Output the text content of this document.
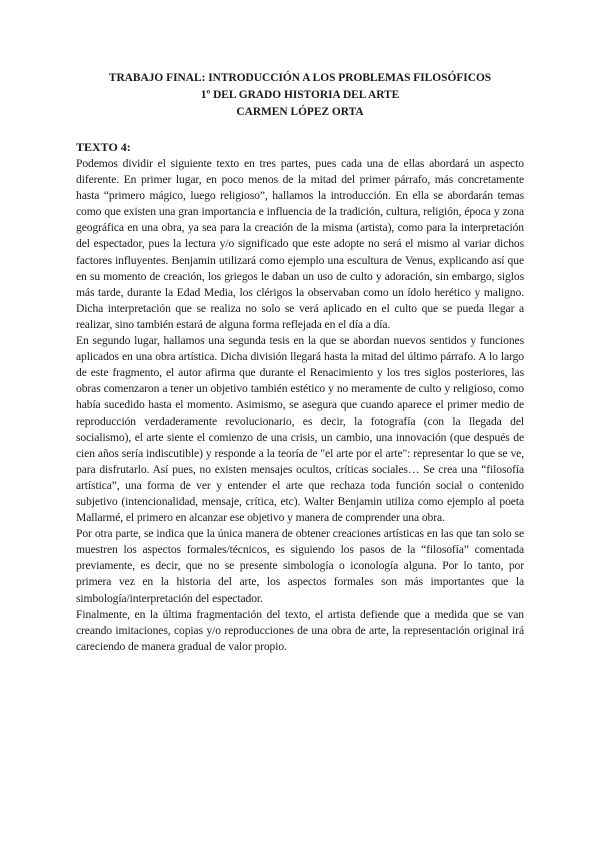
TRABAJO FINAL: INTRODUCCIÓN A LOS PROBLEMAS FILOSÓFICOS
1º DEL GRADO HISTORIA DEL ARTE
CARMEN LÓPEZ ORTA
TEXTO 4:

Podemos dividir el siguiente texto en tres partes, pues cada una de ellas abordará un aspecto diferente. En primer lugar, en poco menos de la mitad del primer párrafo, más concretamente hasta “primero mágico, luego religioso”, hallamos la introducción. En ella se abordarán temas como que existen una gran importancia e influencia de la tradición, cultura, religión, época y zona geográfica en una obra, ya sea para la creación de la misma (artista), como para la interpretación del espectador, pues la lectura y/o significado que este adopte no será el mismo al variar dichos factores influyentes. Benjamin utilizará como ejemplo una escultura de Venus, explicando así que en su momento de creación, los griegos le daban un uso de culto y adoración, sin embargo, siglos más tarde, durante la Edad Media, los clérigos la observaban como un ídolo herético y maligno. Dicha interpretación que se realiza no solo se verá aplicado en el culto que se pueda llegar a realizar, sino también estará de alguna forma reflejada en el día a día.

En segundo lugar, hallamos una segunda tesis en la que se abordan nuevos sentidos y funciones aplicados en una obra artística. Dicha división llegará hasta la mitad del último párrafo. A lo largo de este fragmento, el autor afirma que durante el Renacimiento y los tres siglos posteriores, las obras comenzaron a tener un objetivo también estético y no meramente de culto y religioso, como había sucedido hasta el momento. Asimismo, se asegura que cuando aparece el primer medio de reproducción verdaderamente revolucionario, es decir, la fotografía (con la llegada del socialismo), el arte siente el comienzo de una crisis, un cambio, una innovación (que después de cien años sería indiscutible) y responde a la teoría de "el arte por el arte": representar lo que se ve, para disfrutarlo. Así pues, no existen mensajes ocultos, críticas sociales… Se crea una “filosofía artística”, una forma de ver y entender el arte que rechaza toda función social o contenido subjetivo (intencionalidad, mensaje, crítica, etc). Walter Benjamin utiliza como ejemplo al poeta Mallarmé, el primero en alcanzar ese objetivo y manera de comprender una obra.

Por otra parte, se indica que la única manera de obtener creaciones artísticas en las que tan solo se muestren los aspectos formales/técnicos, es siguiendo los pasos de la “filosofía” comentada previamente, es decir, que no se presente simbología o iconología alguna. Por lo tanto, por primera vez en la historia del arte, los aspectos formales son más importantes que la simbología/interpretación del espectador.

Finalmente, en la última fragmentación del texto, el artista defiende que a medida que se van creando imitaciones, copias y/o reproducciones de una obra de arte, la representación original irá careciendo de manera gradual de valor propio.
